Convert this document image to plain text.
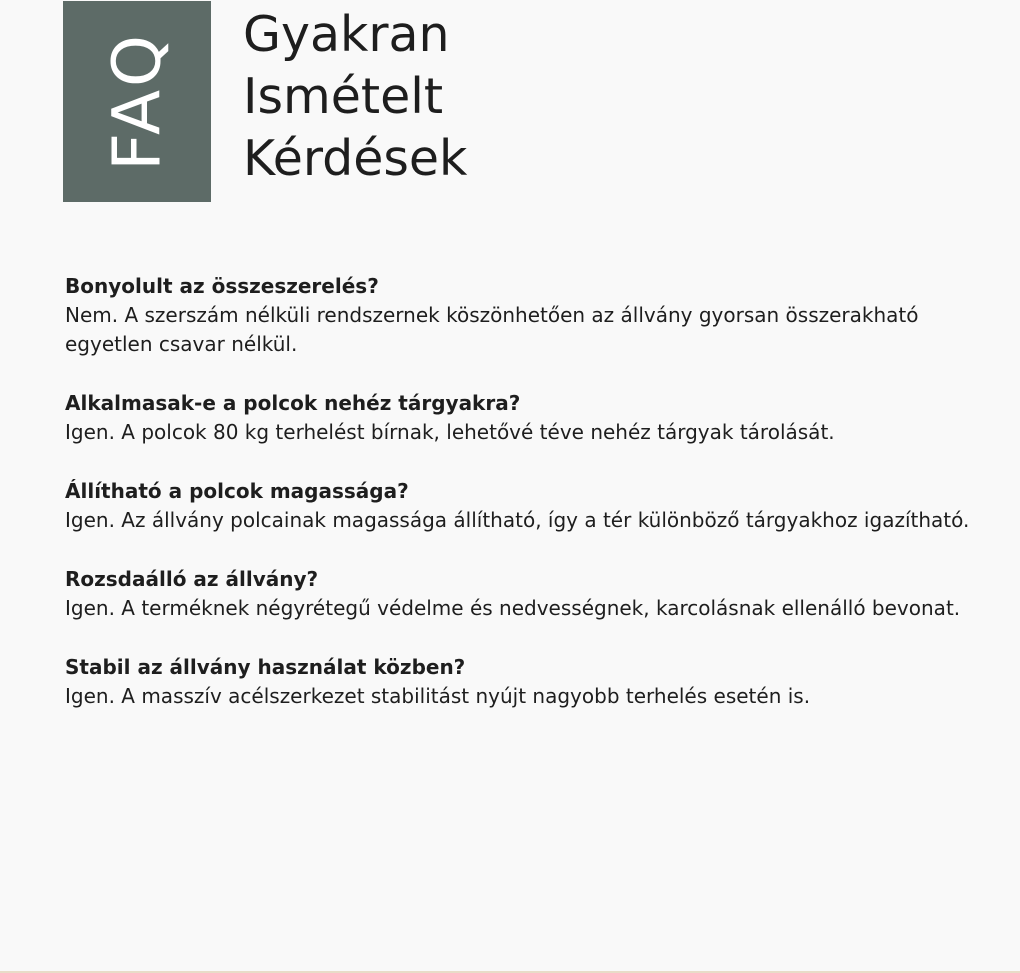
FAQ Gyakran
Ismételt
Kérdések

Bonyolult az összeszerelés?

Nem. A szerszám nélküli rendszernek köszönhetően az állvány gyorsan összerakható egyetlen csavar nélkül.

Alkalmasak-e a polcok nehéz tárgyakra?

Igen. A polcok 80 kg terhelést bírnak, lehetővé téve nehéz tárgyak tárolását.

Állítható a polcok magassága?

Igen. Az állvány polcainak magassága állítható, így a tér különböző tárgyakhoz igazítható.

Rozsdaálló az állvány?

Igen. A terméknek négyrétegű védelme és nedvességnek, karcolásnak ellenálló bevonat.

Stabil az állvány használat közben?

Igen. A masszív acélszerkezet stabilitást nyújt nagyobb terhelés esetén is.
